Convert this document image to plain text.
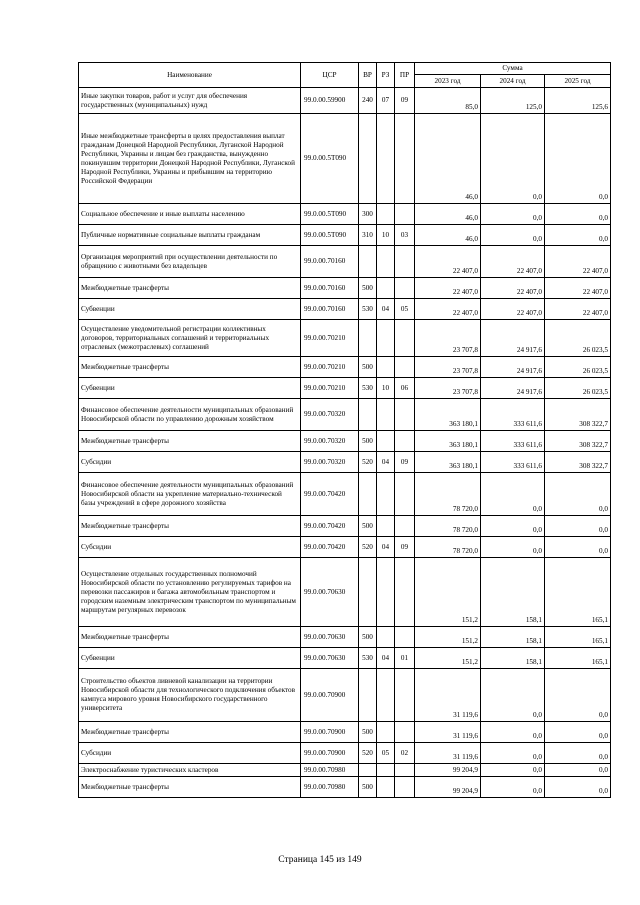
Наименование	ЦСР	ВР	РЗ	ПР	Сумма		
					2023 год	2024 год	2025 год
Иные закупки товаров, работ и услуг для обеспечения государственных (муниципальных) нужд	99.0.00.59900	240	07	09	85,0	125,0	125,6
Иные межбюджетные трансферты в целях предоставления выплат гражданам Донецкой Народной Республики, Луганской Народной Республики, Украины и лицам без гражданства, вынужденно покинувшим территории Донецкой Народной Республики, Луганской Народной Республики, Украины и прибывшим на территорию Российской Федерации	99.0.00.5T090				46,0	0,0	0,0
Социальное обеспечение и иные выплаты населению	99.0.00.5T090	300			46,0	0,0	0,0
Публичные нормативные социальные выплаты гражданам	99.0.00.5T090	310	10	03	46,0	0,0	0,0
Организация мероприятий при осуществлении деятельности по обращению с животными без владельцев	99.0.00.70160				22 407,0	22 407,0	22 407,0
Межбюджетные трансферты	99.0.00.70160	500			22 407,0	22 407,0	22 407,0
Субвенции	99.0.00.70160	530	04	05	22 407,0	22 407,0	22 407,0
Осуществление уведомительной регистрации коллективных договоров, территориальных соглашений и территориальных отраслевых (межотраслевых) соглашений	99.0.00.70210				23 707,8	24 917,6	26 023,5
Межбюджетные трансферты	99.0.00.70210	500			23 707,8	24 917,6	26 023,5
Субвенции	99.0.00.70210	530	10	06	23 707,8	24 917,6	26 023,5
Финансовое обеспечение деятельности муниципальных образований Новосибирской области по управлению дорожным хозяйством	99.0.00.70320				363 180,1	333 611,6	308 322,7
Межбюджетные трансферты	99.0.00.70320	500			363 180,1	333 611,6	308 322,7
Субсидии	99.0.00.70320	520	04	09	363 180,1	333 611,6	308 322,7
Финансовое обеспечение деятельности муниципальных образований Новосибирской области на укрепление материально-технической базы учреждений в сфере дорожного хозяйства	99.0.00.70420				78 720,0	0,0	0,0
Межбюджетные трансферты	99.0.00.70420	500			78 720,0	0,0	0,0
Субсидии	99.0.00.70420	520	04	09	78 720,0	0,0	0,0
Осуществление отдельных государственных полномочий Новосибирской области по установлению регулируемых тарифов на перевозки пассажиров и багажа автомобильным транспортом и городским наземным электрическим транспортом по муниципальным маршрутам регулярных перевозок	99.0.00.70630				151,2	158,1	165,1
Межбюджетные трансферты	99.0.00.70630	500			151,2	158,1	165,1
Субвенции	99.0.00.70630	530	04	01	151,2	158,1	165,1
Строительство объектов ливневой канализации на территории Новосибирской области для технологического подключения объектов кампуса мирового уровня Новосибирского государственного университета	99.0.00.70900				31 119,6	0,0	0,0
Межбюджетные трансферты	99.0.00.70900	500			31 119,6	0,0	0,0
Субсидии	99.0.00.70900	520	05	02	31 119,6	0,0	0,0
Электроснабжение туристических кластеров	99.0.00.70980				99 204,9	0,0	0,0
Межбюджетные трансферты	99.0.00.70980	500			99 204,9	0,0	0,0
Страница 145 из 149
